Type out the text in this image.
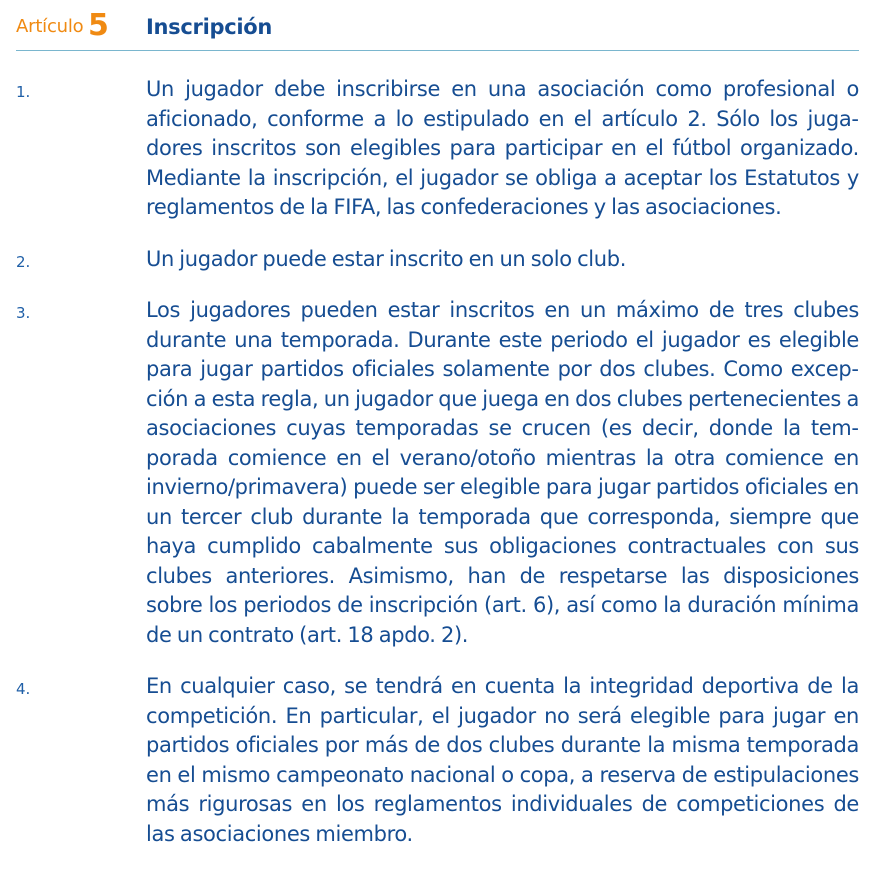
Artículo 5 Inscripción
1.	Un jugador debe inscribirse en una asociación como profesional o aficionado, conforme a lo estipulado en el artículo 2. Sólo los jugadores inscritos son elegibles para participar en el fútbol organizado. Mediante la inscripción, el jugador se obliga a aceptar los Estatutos y reglamentos de la FIFA, las confederaciones y las asociaciones.
2.	Un jugador puede estar inscrito en un solo club.
3.	Los jugadores pueden estar inscritos en un máximo de tres clubes durante una temporada. Durante este periodo el jugador es elegible para jugar partidos oficiales solamente por dos clubes. Como excepción a esta regla, un jugador que juega en dos clubes pertenecientes a asociaciones cuyas temporadas se crucen (es decir, donde la temporada comience en el verano/otoño mientras la otra comience en invierno/primavera) puede ser elegible para jugar partidos oficiales en un tercer club durante la temporada que corresponda, siempre que haya cumplido cabalmente sus obligaciones contractuales con sus clubes anteriores. Asimismo, han de respetarse las disposiciones sobre los periodos de inscripción (art. 6), así como la duración mínima de un contrato (art. 18 apdo. 2).
4.	En cualquier caso, se tendrá en cuenta la integridad deportiva de la competición. En particular, el jugador no será elegible para jugar en partidos oficiales por más de dos clubes durante la misma temporada en el mismo campeonato nacional o copa, a reserva de estipulaciones más rigurosas en los reglamentos individuales de competiciones de las asociaciones miembro.
